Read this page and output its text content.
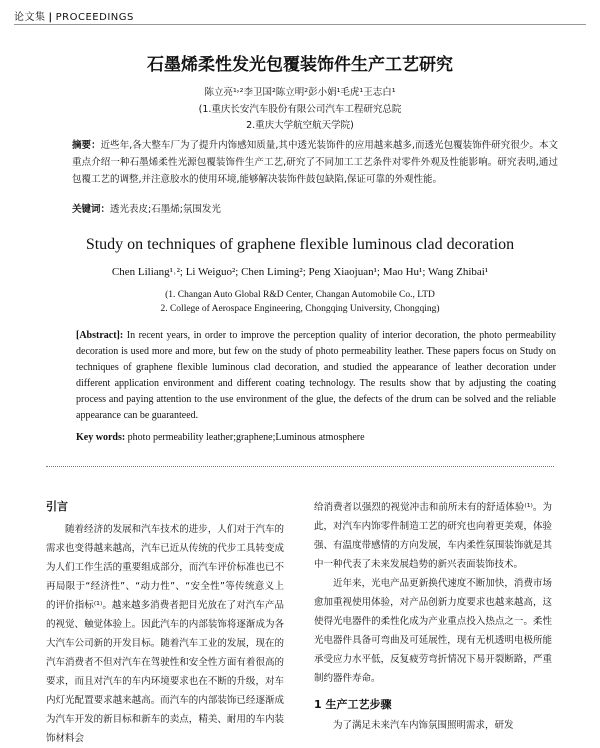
论文集 | PROCEEDINGS
石墨烯柔性发光包覆装饰件生产工艺研究
陈立亮¹˒²李卫国²陈立明²彭小娟¹毛虎¹王志白¹
(1.重庆长安汽车股份有限公司汽车工程研究总院
2.重庆大学航空航天学院)
摘要：近些年,各大整车厂为了提升内饰感知质量,其中透光装饰件的应用越来越多,而透光包覆装饰件研究很少。本文重点介绍一种石墨烯柔性光源包覆装饰件生产工艺,研究了不同加工工艺条件对零件外观及性能影响。研究表明,通过包覆工艺的调整,并注意胶水的使用环境,能够解决装饰件鼓包缺陷,保证可靠的外观性能。
关键词：透光表皮;石墨烯;氛围发光
Study on techniques of graphene flexible luminous clad decoration
Chen Liliang¹˒²; Li Weiguo²; Chen Liming²; Peng Xiaojuan¹; Mao Hu¹; Wang Zhibai¹
(1. Changan Auto Global R&D Center, Changan Automobile Co., LTD
2. College of Aerospace Engineering, Chongqing University, Chongqing)
[Abstract]: In recent years, in order to improve the perception quality of interior decoration, the photo permeability decoration is used more and more, but few on the study of photo permeability leather. These papers focus on Study on techniques of graphene flexible luminous clad decoration, and studied the appearance of leather decoration under different application environment and different coating technology. The results show that by adjusting the coating process and paying attention to the use environment of the glue, the defects of the drum can be solved and the reliable appearance can be guaranteed.
Key words: photo permeability leather;graphene;Luminous atmosphere
引言

随着经济的发展和汽车技术的进步，人们对于汽车的需求也变得越来越高，汽车已近从传统的代步工具转变成为人们工作生活的重要组成部分，而汽车评价标准也已不再局限于“经济性”、“动力性”、“安全性”等传统意义上的评价指标⁽¹⁾。越来越多消费者把目光放在了对汽车产品的视觉、触觉体验上。因此汽车的内部装饰将逐渐成为各大汽车公司新的开发目标。随着汽车工业的发展，现在的汽车消费者不但对汽车在驾驶性和安全性方面有着很高的要求，而且对汽车的车内环境要求也在不断的升级，对车内灯光配置要求越来越高。而汽车的内部装饰已经逐渐成为汽车开发的新目标和新车的卖点，精美、耐用的车内装饰材料会

给消费者以强烈的视觉冲击和前所未有的舒适体验⁽¹⁾。为此，对汽车内饰零件制造工艺的研究也向着更美观，体验强、有温度带感情的方向发展，车内柔性氛围装饰就是其中一种代表了未来发展趋势的新兴表面装饰技术。

近年来，光电产品更新换代速度不断加快，消费市场愈加重视使用体验，对产品创新力度要求也越来越高，这使得光电器件的柔性化成为产业重点投入热点之一。柔性光电器件具备可弯曲及可延展性，现有无机透明电极所能承受应力水平低，反复疲劳弯折情况下易开裂断路，严重制约器件寿命。

1 生产工艺步骤

为了满足未来汽车内饰氛围照明需求，研发
